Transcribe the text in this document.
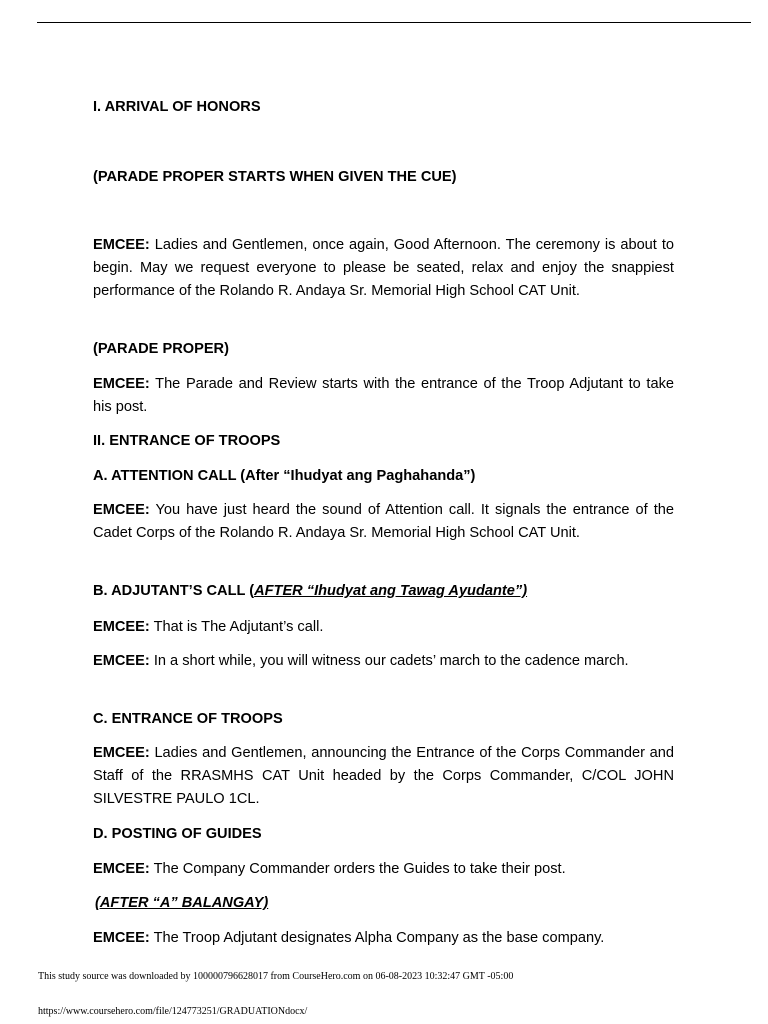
I. ARRIVAL OF HONORS

(PARADE PROPER STARTS WHEN GIVEN THE CUE)

EMCEE: Ladies and Gentlemen, once again, Good Afternoon. The ceremony is about to begin. May we request everyone to please be seated, relax and enjoy the snappiest performance of the Rolando R. Andaya Sr. Memorial High School CAT Unit.

(PARADE PROPER)

EMCEE: The Parade and Review starts with the entrance of the Troop Adjutant to take his post.

II. ENTRANCE OF TROOPS

A. ATTENTION CALL (After “Ihudyat ang Paghahanda”)

EMCEE: You have just heard the sound of Attention call. It signals the entrance of the Cadet Corps of the Rolando R. Andaya Sr. Memorial High School CAT Unit.

B. ADJUTANT’S CALL (AFTER “Ihudyat ang Tawag Ayudante”)

EMCEE: That is The Adjutant’s call.

EMCEE: In a short while, you will witness our cadets’ march to the cadence march.

C. ENTRANCE OF TROOPS

EMCEE: Ladies and Gentlemen, announcing the Entrance of the Corps Commander and Staff of the RRASMHS CAT Unit headed by the Corps Commander, C/COL JOHN SILVESTRE PAULO 1CL.

D. POSTING OF GUIDES

EMCEE: The Company Commander orders the Guides to take their post.

(AFTER “A” BALANGAY)

EMCEE: The Troop Adjutant designates Alpha Company as the base company.

This study source was downloaded by 100000796628017 from CourseHero.com on 06-08-2023 10:32:47 GMT -05:00
https://www.coursehero.com/file/124773251/GRADUATIONdocx/
